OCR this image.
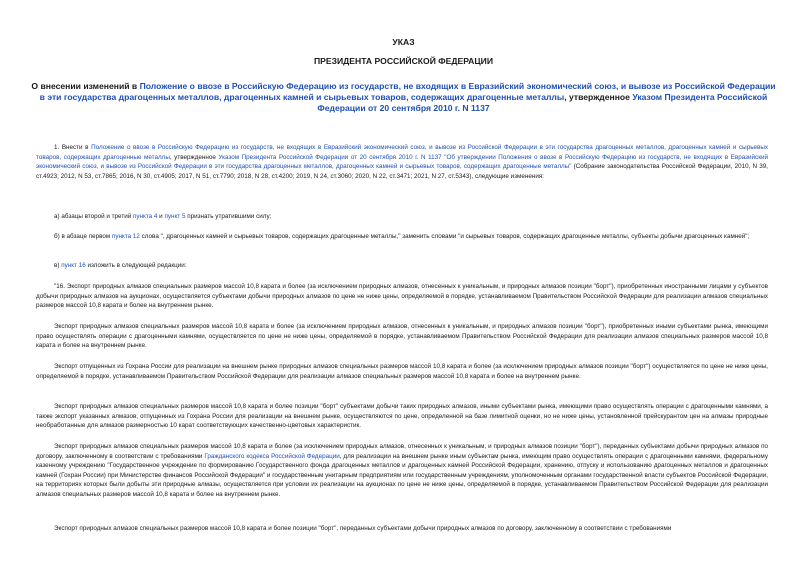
УКАЗ
ПРЕЗИДЕНТА РОССИЙСКОЙ ФЕДЕРАЦИИ
О внесении изменений в Положение о ввозе в Российскую Федерацию из государств, не входящих в Евразийский экономический союз, и вывозе из Российской Федерации в эти государства драгоценных металлов, драгоценных камней и сырьевых товаров, содержащих драгоценные металлы, утвержденное Указом Президента Российской Федерации от 20 сентября 2010 г. N 1137
1. Внести в Положение о ввозе в Российскую Федерацию из государств, не входящих в Евразийский экономический союз, и вывозе из Российской Федерации в эти государства драгоценных металлов, драгоценных камней и сырьевых товаров, содержащих драгоценные металлы, утвержденное Указом Президента Российской Федерации от 20 сентября 2010 г. N 1137 "Об утверждении Положения о ввозе в Российскую Федерацию из государств, не входящих в Евразийский экономический союз, и вывозе из Российской Федерации в эти государства драгоценных металлов, драгоценных камней и сырьевых товаров, содержащих драгоценные металлы" (Собрание законодательства Российской Федерации, 2010, N 39, ст.4923; 2012, N 53, ст.7865; 2016, N 30, ст.4905; 2017, N 51, ст.7790; 2018, N 28, ст.4200; 2019, N 24, ст.3060; 2020, N 22, ст.3471; 2021, N 27, ст.5343), следующие изменения:
а) абзацы второй и третий пункта 4 и пункт 5 признать утратившими силу;
б) в абзаце первом пункта 12 слова ", драгоценных камней и сырьевых товаров, содержащих драгоценные металлы," заменить словами "и сырьевых товаров, содержащих драгоценные металлы, субъекты добычи драгоценных камней";
в) пункт 16 изложить в следующей редакции:
"16. Экспорт природных алмазов специальных размеров массой 10,8 карата и более (за исключением природных алмазов, отнесенных к уникальным, и природных алмазов позиции "борт"), приобретенных иностранными лицами у субъектов добычи природных алмазов на аукционах, осуществляется субъектами добычи природных алмазов по цене не ниже цены, определяемой в порядке, устанавливаемом Правительством Российской Федерации для реализации алмазов специальных размеров массой 10,8 карата и более на внутреннем рынке.
Экспорт природных алмазов специальных размеров массой 10,8 карата и более (за исключением природных алмазов, отнесенных к уникальным, и природных алмазов позиции "борт"), приобретенных иными субъектами рынка, имеющими право осуществлять операции с драгоценными камнями, осуществляется по цене не ниже цены, определяемой в порядке, устанавливаемом Правительством Российской Федерации для реализации алмазов специальных размеров массой 10,8 карата и более на внутреннем рынке.
Экспорт отпущенных из Гохрана России для реализации на внешнем рынке природных алмазов специальных размеров массой 10,8 карата и более (за исключением природных алмазов позиции "борт") осуществляется по цене не ниже цены, определяемой в порядке, устанавливаемом Правительством Российской Федерации для реализации алмазов специальных размеров массой 10,8 карата и более на внутреннем рынке.
Экспорт природных алмазов специальных размеров массой 10,8 карата и более позиции "борт" субъектами добычи таких природных алмазов, иными субъектами рынка, имеющими право осуществлять операции с драгоценными камнями, а также экспорт указанных алмазов, отпущенных из Гохрана России для реализации на внешнем рынке, осуществляются по цене, определенной на базе лимитной оценки, но не ниже цены, установленной прейскурантом цен на алмазы природные необработанные для алмазов размерностью 10 карат соответствующих качественно-цветовых характеристик.
Экспорт природных алмазов специальных размеров массой 10,8 карата и более (за исключением природных алмазов, отнесенных к уникальным, и природных алмазов позиции "борт"), переданных субъектами добычи природных алмазов по договору, заключенному в соответствии с требованиями Гражданского кодекса Российской Федерации, для реализации на внешнем рынке иным субъектам рынка, имеющим право осуществлять операции с драгоценными камнями, федеральному казенному учреждению "Государственное учреждение по формированию Государственного фонда драгоценных металлов и драгоценных камней Российской Федерации, хранению, отпуску и использованию драгоценных металлов и драгоценных камней (Гохран России) при Министерстве финансов Российской Федерации" и государственным унитарным предприятиям или государственным учреждениям, уполномоченным органами государственной власти субъектов Российской Федерации, на территориях которых были добыты эти природные алмазы, осуществляется при условии их реализации на аукционах по цене не ниже цены, определяемой в порядке, устанавливаемом Правительством Российской Федерации для реализации алмазов специальных размеров массой 10,8 карата и более на внутреннем рынке.
Экспорт природных алмазов специальных размеров массой 10,8 карата и более позиции "борт", переданных субъектами добычи природных алмазов по договору, заключенному в соответствии с требованиями
